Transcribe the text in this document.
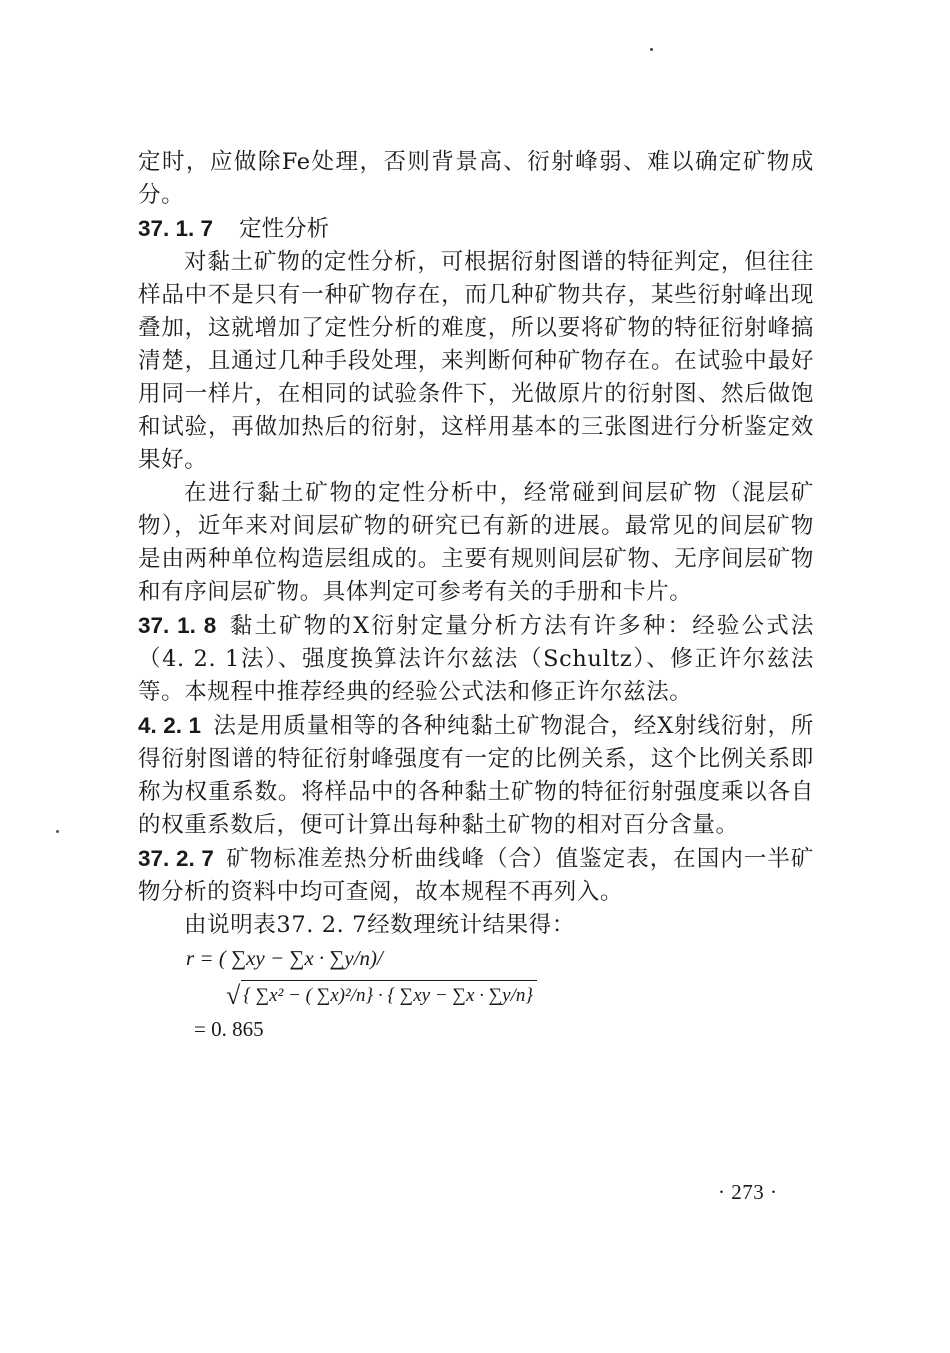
定时，应做除Fe处理，否则背景高、衍射峰弱、难以确定矿物成分。

37. 1. 7 定性分析

对黏土矿物的定性分析，可根据衍射图谱的特征判定，但往往样品中不是只有一种矿物存在，而几种矿物共存，某些衍射峰出现叠加，这就增加了定性分析的难度，所以要将矿物的特征衍射峰搞清楚，且通过几种手段处理，来判断何种矿物存在。在试验中最好用同一样片，在相同的试验条件下，光做原片的衍射图、然后做饱和试验，再做加热后的衍射，这样用基本的三张图进行分析鉴定效果好。

在进行黏土矿物的定性分析中，经常碰到间层矿物（混层矿物），近年来对间层矿物的研究已有新的进展。最常见的间层矿物是由两种单位构造层组成的。主要有规则间层矿物、无序间层矿物和有序间层矿物。具体判定可参考有关的手册和卡片。

37. 1. 8 黏土矿物的X衍射定量分析方法有许多种：经验公式法（4. 2. 1法）、强度换算法许尔兹法（Schultz）、修正许尔兹法等。本规程中推荐经典的经验公式法和修正许尔兹法。

4. 2. 1 法是用质量相等的各种纯黏土矿物混合，经X射线衍射，所得衍射图谱的特征衍射峰强度有一定的比例关系，这个比例关系即称为权重系数。将样品中的各种黏土矿物的特征衍射强度乘以各自的权重系数后，便可计算出每种黏土矿物的相对百分含量。

37. 2. 7 矿物标准差热分析曲线峰（合）值鉴定表，在国内一半矿物分析的资料中均可查阅，故本规程不再列入。

由说明表37. 2. 7经数理统计结果得：

r = ( ∑xy − ∑x · ∑y/n)/

√ { ∑x² − ( ∑x)²/n} · { ∑xy − ∑x · ∑y/n}

= 0. 865

· 273 ·
